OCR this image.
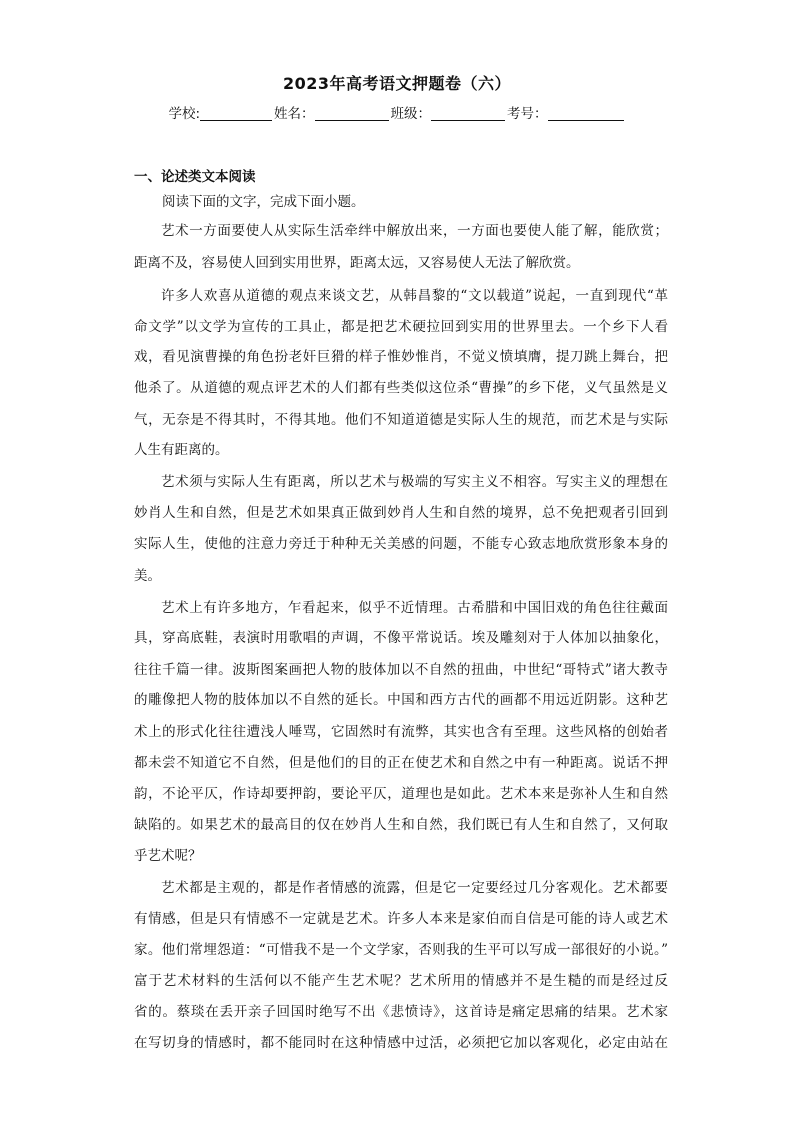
2023年高考语文押题卷（六）
学校:	姓名：	班级：	考号：
一、论述类文本阅读
阅读下面的文字，完成下面小题。
艺术一方面要使人从实际生活牵绊中解放出来，一方面也要使人能了解，能欣赏；
距离不及，容易使人回到实用世界，距离太远，又容易使人无法了解欣赏。
许多人欢喜从道德的观点来谈文艺，从韩昌黎的“文以载道”说起，一直到现代“革
命文学”以文学为宣传的工具止，都是把艺术硬拉回到实用的世界里去。一个乡下人看
戏，看见演曹操的角色扮老奸巨猾的样子惟妙惟肖，不觉义愤填膺，提刀跳上舞台，把
他杀了。从道德的观点评艺术的人们都有些类似这位杀“曹操”的乡下佬，义气虽然是义
气，无奈是不得其时，不得其地。他们不知道道德是实际人生的规范，而艺术是与实际
人生有距离的。
艺术须与实际人生有距离，所以艺术与极端的写实主义不相容。写实主义的理想在
妙肖人生和自然，但是艺术如果真正做到妙肖人生和自然的境界，总不免把观者引回到
实际人生，使他的注意力旁迁于种种无关美感的问题，不能专心致志地欣赏形象本身的
美。
艺术上有许多地方，乍看起来，似乎不近情理。古希腊和中国旧戏的角色往往戴面
具，穿高底鞋，表演时用歌唱的声调，不像平常说话。埃及雕刻对于人体加以抽象化，
往往千篇一律。波斯图案画把人物的肢体加以不自然的扭曲，中世纪“哥特式”诸大教寺
的雕像把人物的肢体加以不自然的延长。中国和西方古代的画都不用远近阴影。这种艺
术上的形式化往往遭浅人唾骂，它固然时有流弊，其实也含有至理。这些风格的创始者
都未尝不知道它不自然，但是他们的目的正在使艺术和自然之中有一种距离。说话不押
韵，不论平仄，作诗却要押韵，要论平仄，道理也是如此。艺术本来是弥补人生和自然
缺陷的。如果艺术的最高目的仅在妙肖人生和自然，我们既已有人生和自然了，又何取
乎艺术呢？
艺术都是主观的，都是作者情感的流露，但是它一定要经过几分客观化。艺术都要
有情感，但是只有情感不一定就是艺术。许多人本来是家伯而自信是可能的诗人或艺术
家。他们常埋怨道：“可惜我不是一个文学家，否则我的生平可以写成一部很好的小说。”
富于艺术材料的生活何以不能产生艺术呢？艺术所用的情感并不是生糙的而是经过反
省的。蔡琰在丢开亲子回国时绝写不出《悲愤诗》，这首诗是痛定思痛的结果。艺术家
在写切身的情感时，都不能同时在这种情感中过活，必须把它加以客观化，必定由站在
